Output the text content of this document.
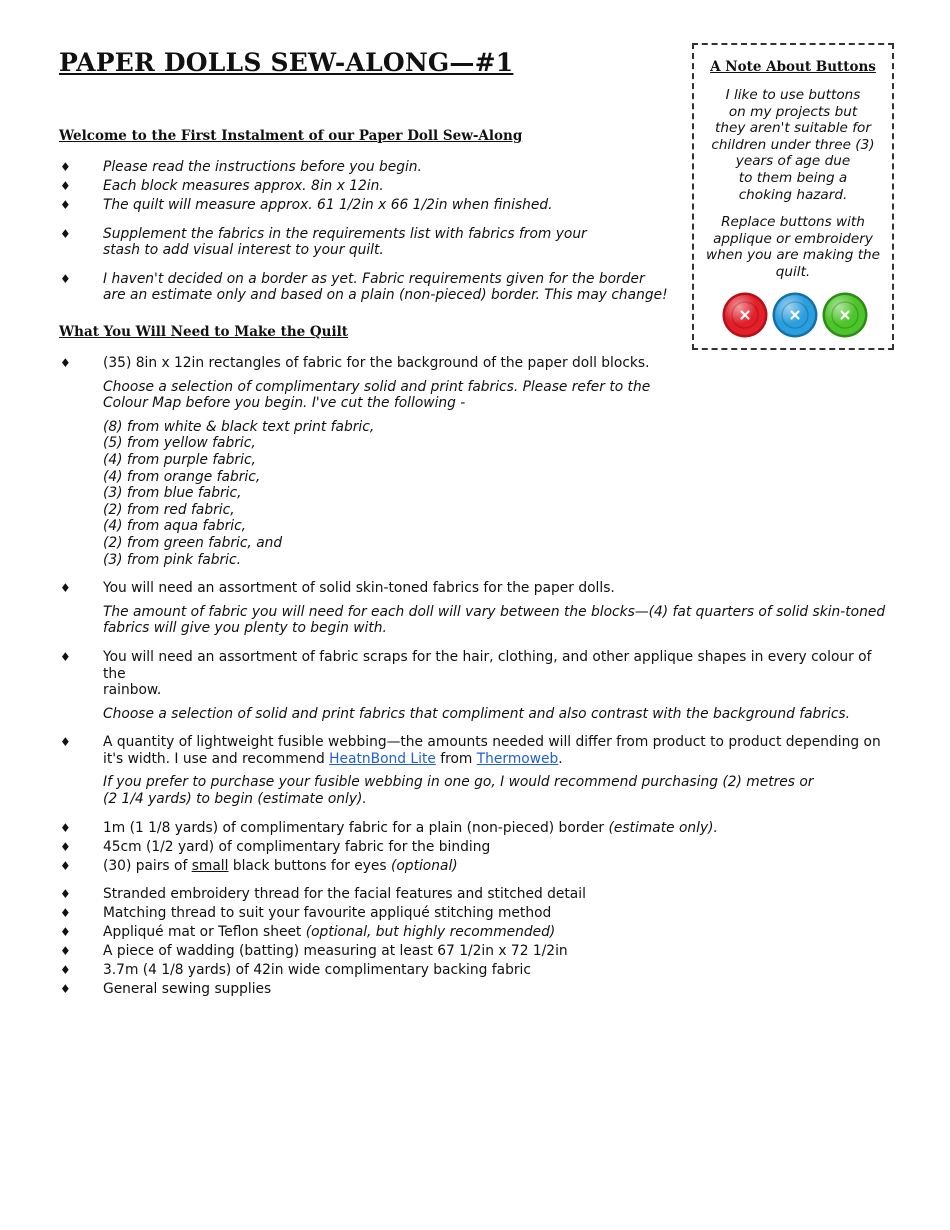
PAPER DOLLS SEW-ALONG—#1
Welcome to the First Instalment of our Paper Doll Sew-Along
♦ Please read the instructions before you begin.
♦ Each block measures approx. 8in x 12in.
♦ The quilt will measure approx. 61 1/2in x 66 1/2in when finished.
♦ Supplement the fabrics in the requirements list with fabrics from your
stash to add visual interest to your quilt.
♦ I haven't decided on a border as yet. Fabric requirements given for the border
are an estimate only and based on a plain (non-pieced) border. This may change!
What You Will Need to Make the Quilt
♦ (35) 8in x 12in rectangles of fabric for the background of the paper doll blocks.
Choose a selection of complimentary solid and print fabrics. Please refer to the
Colour Map before you begin. I've cut the following -
(8) from white & black text print fabric,
(5) from yellow fabric,
(4) from purple fabric,
(4) from orange fabric,
(3) from blue fabric,
(2) from red fabric,
(4) from aqua fabric,
(2) from green fabric, and
(3) from pink fabric.
♦ You will need an assortment of solid skin-toned fabrics for the paper dolls.
The amount of fabric you will need for each doll will vary between the blocks—(4) fat quarters of solid skin-toned
fabrics will give you plenty to begin with.
♦ You will need an assortment of fabric scraps for the hair, clothing, and other applique shapes in every colour of the
rainbow.
Choose a selection of solid and print fabrics that compliment and also contrast with the background fabrics.
♦ A quantity of lightweight fusible webbing—the amounts needed will differ from product to product depending on
it's width. I use and recommend HeatnBond Lite from Thermoweb.
If you prefer to purchase your fusible webbing in one go, I would recommend purchasing (2) metres or
(2 1/4 yards) to begin (estimate only).
♦ 1m (1 1/8 yards) of complimentary fabric for a plain (non-pieced) border (estimate only).
♦ 45cm (1/2 yard) of complimentary fabric for the binding
♦ (30) pairs of small black buttons for eyes (optional)
♦ Stranded embroidery thread for the facial features and stitched detail
♦ Matching thread to suit your favourite appliqué stitching method
♦ Appliqué mat or Teflon sheet (optional, but highly recommended)
♦ A piece of wadding (batting) measuring at least 67 1/2in x 72 1/2in
♦ 3.7m (4 1/8 yards) of 42in wide complimentary backing fabric
♦ General sewing supplies
A Note About Buttons

I like to use buttons
on my projects but
they aren't suitable for
children under three (3)
years of age due
to them being a
choking hazard.

Replace buttons with
applique or embroidery
when you are making the
quilt.
